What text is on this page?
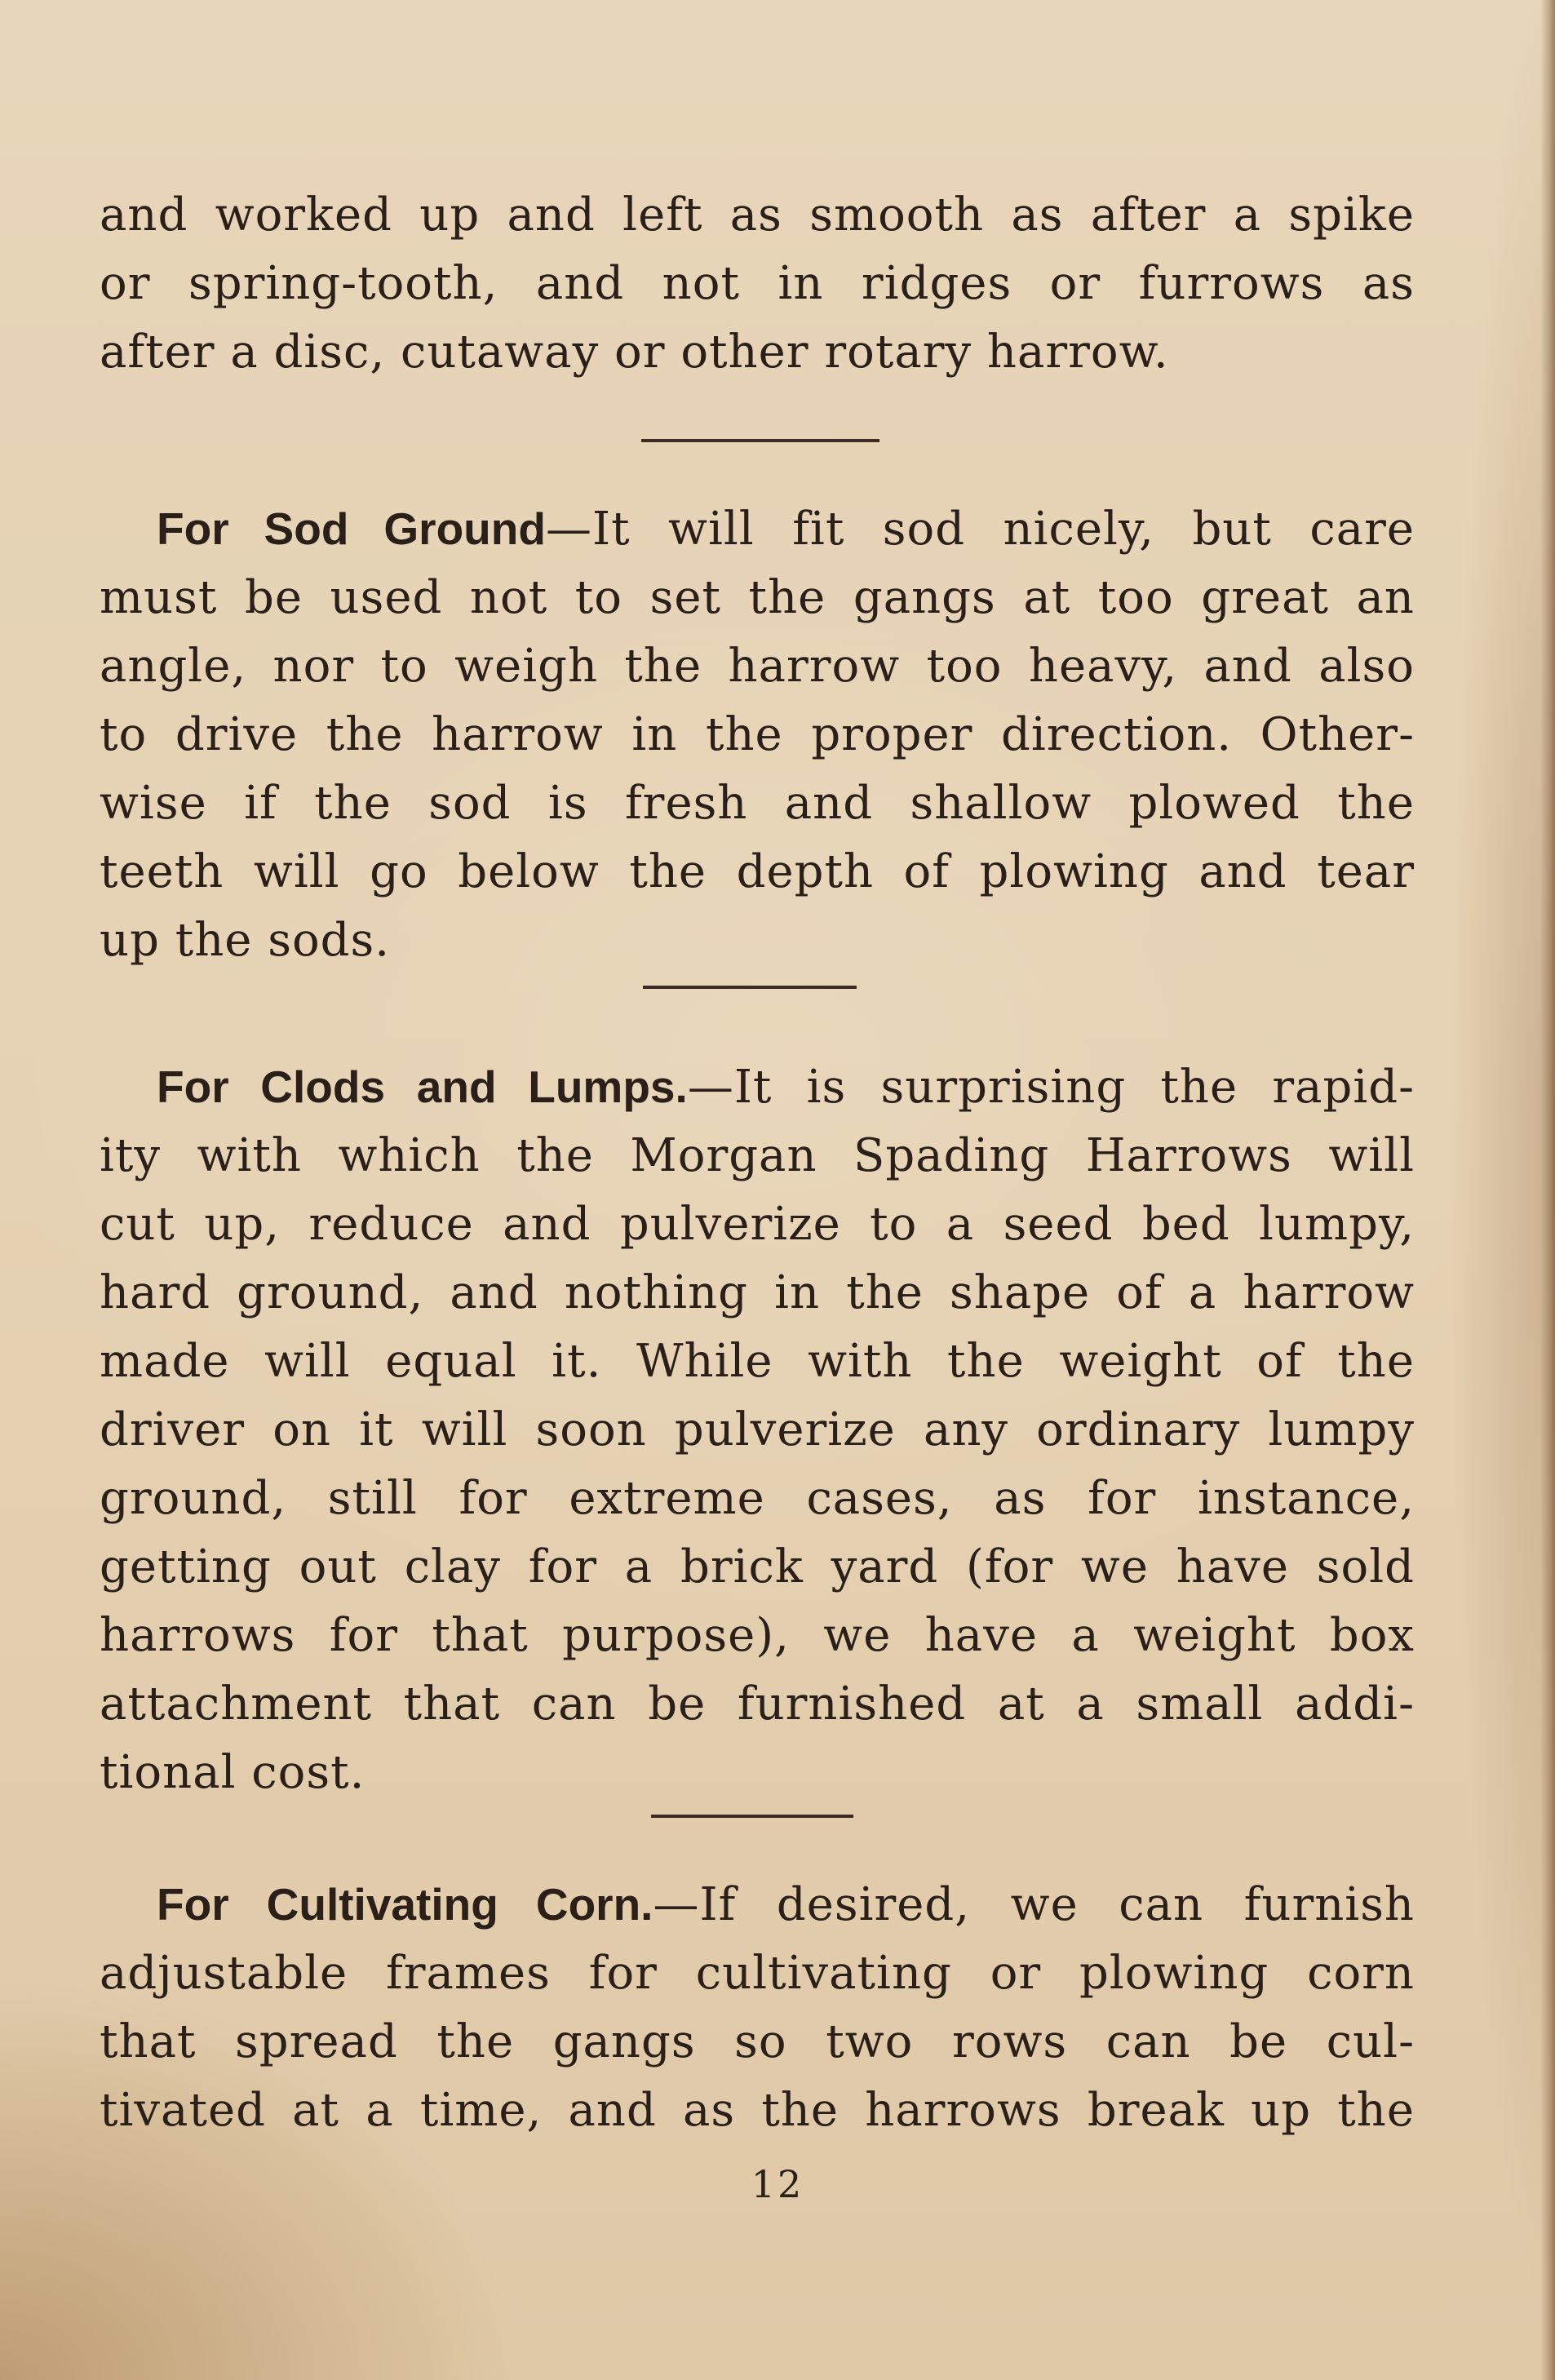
and worked up and left as smooth as after a spike
or spring-tooth, and not in ridges or furrows as
after a disc, cutaway or other rotary harrow.
For Sod Ground—It will fit sod nicely, but care
must be used not to set the gangs at too great an
angle, nor to weigh the harrow too heavy, and also
to drive the harrow in the proper direction. Other-
wise if the sod is fresh and shallow plowed the
teeth will go below the depth of plowing and tear
up the sods.
For Clods and Lumps.—It is surprising the rapid-
ity with which the Morgan Spading Harrows will
cut up, reduce and pulverize to a seed bed lumpy,
hard ground, and nothing in the shape of a harrow
made will equal it. While with the weight of the
driver on it will soon pulverize any ordinary lumpy
ground, still for extreme cases, as for instance,
getting out clay for a brick yard (for we have sold
harrows for that purpose), we have a weight box
attachment that can be furnished at a small addi-
tional cost.
For Cultivating Corn.—If desired, we can furnish
adjustable frames for cultivating or plowing corn
that spread the gangs so two rows can be cul-
tivated at a time, and as the harrows break up the
12
